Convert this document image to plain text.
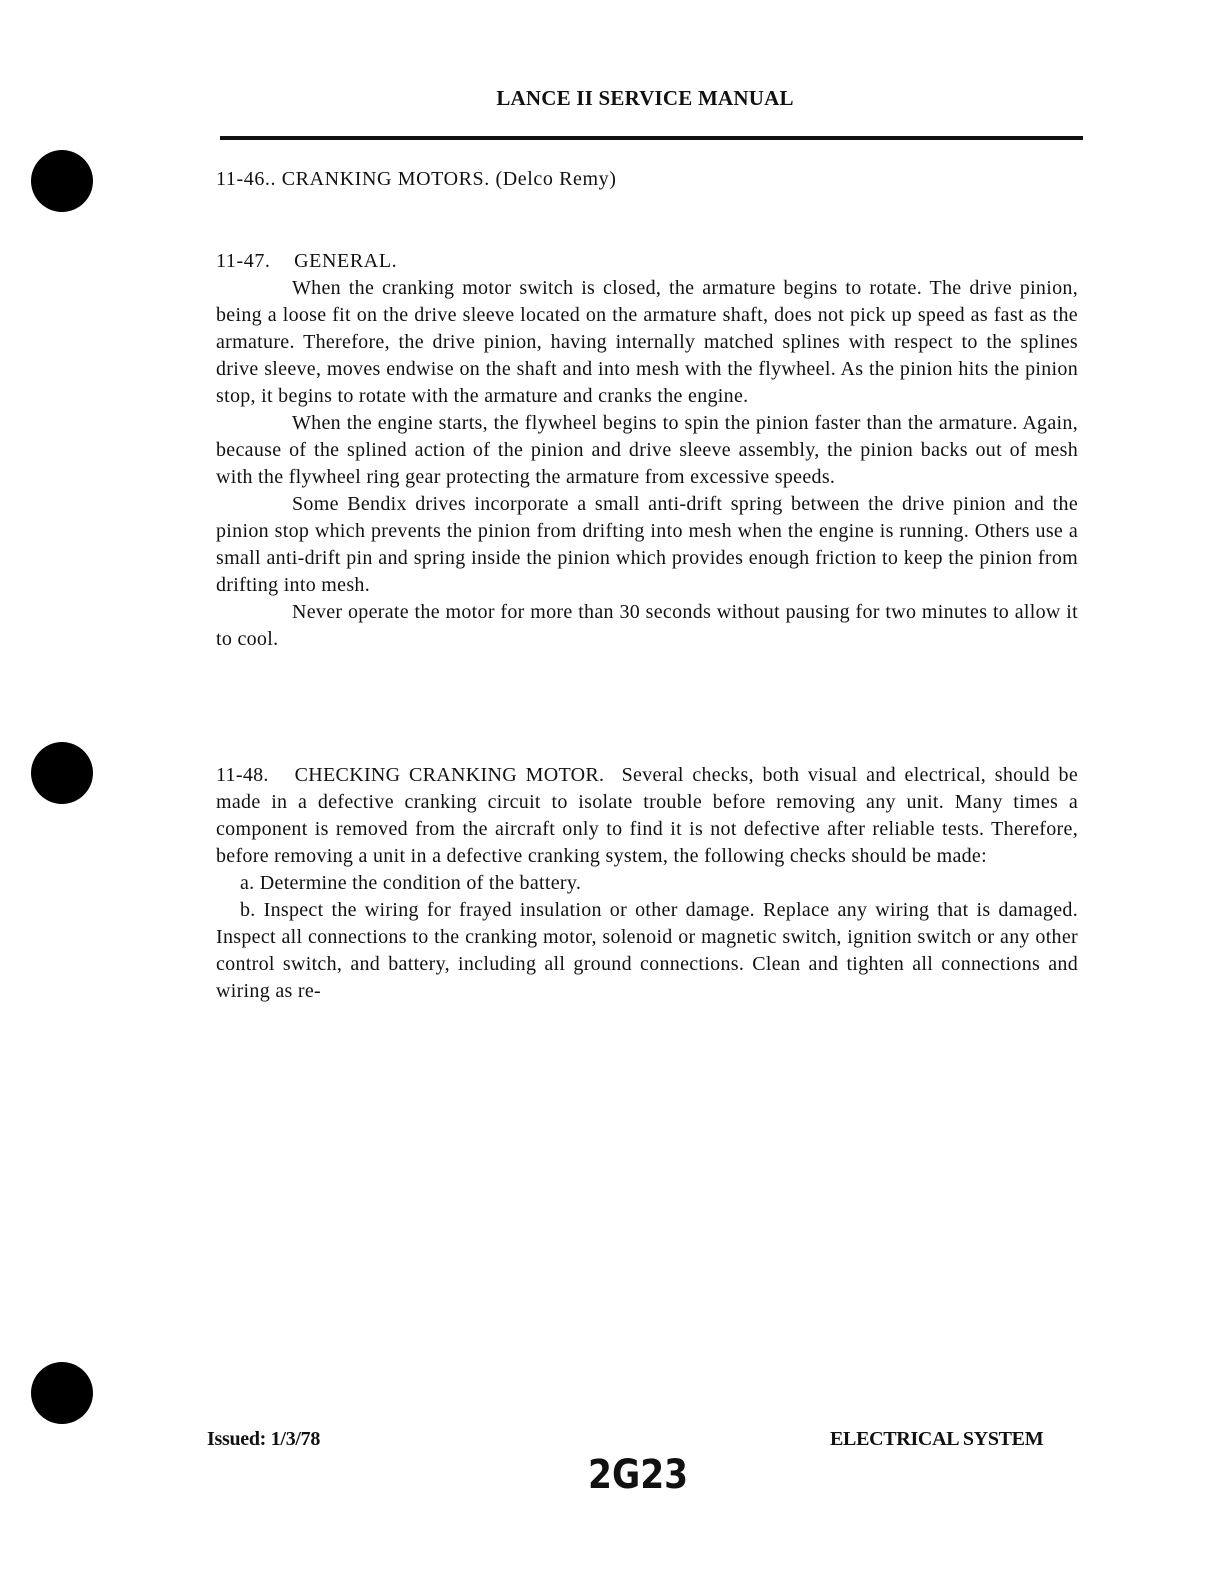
LANCE II SERVICE MANUAL
11-46.. CRANKING MOTORS. (Delco Remy)
11-47. GENERAL.

When the cranking motor switch is closed, the armature begins to rotate. The drive pinion, being a loose fit on the drive sleeve located on the armature shaft, does not pick up speed as fast as the armature. Therefore, the drive pinion, having internally matched splines with respect to the splines drive sleeve, moves endwise on the shaft and into mesh with the flywheel. As the pinion hits the pinion stop, it begins to rotate with the armature and cranks the engine.

When the engine starts, the flywheel begins to spin the pinion faster than the armature. Again, because of the splined action of the pinion and drive sleeve assembly, the pinion backs out of mesh with the flywheel ring gear protecting the armature from excessive speeds.

Some Bendix drives incorporate a small anti-drift spring between the drive pinion and the pinion stop which prevents the pinion from drifting into mesh when the engine is running. Others use a small anti-drift pin and spring inside the pinion which provides enough friction to keep the pinion from drifting into mesh.

Never operate the motor for more than 30 seconds without pausing for two minutes to allow it to cool.

11-48. CHECKING CRANKING MOTOR. Several checks, both visual and electrical, should be made in a defective cranking circuit to isolate trouble before removing any unit. Many times a component is removed from the aircraft only to find it is not defective after reliable tests. Therefore, before removing a unit in a defective cranking system, the following checks should be made:

a. Determine the condition of the battery.

b. Inspect the wiring for frayed insulation or other damage. Replace any wiring that is damaged. Inspect all connections to the cranking motor, solenoid or magnetic switch, ignition switch or any other control switch, and battery, including all ground connections. Clean and tighten all connections and wiring as re-

Issued: 1/3/78	ELECTRICAL SYSTEM
2G23
